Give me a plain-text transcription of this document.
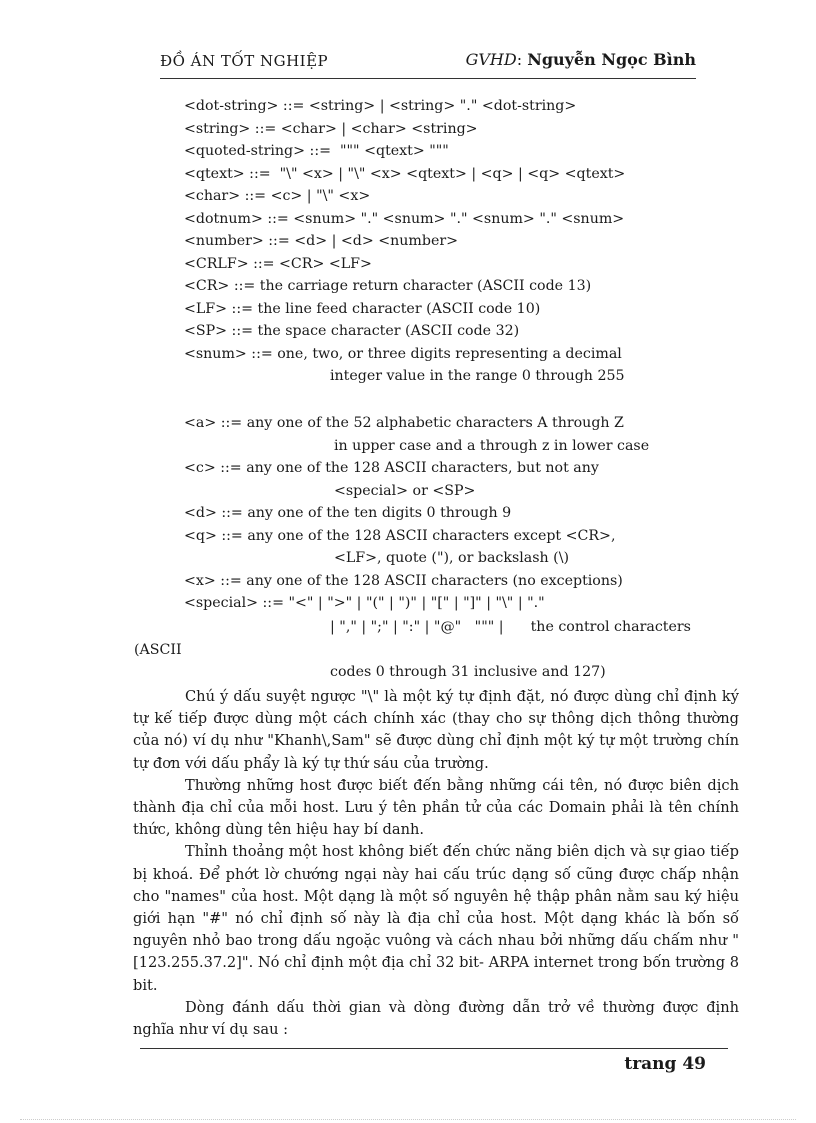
ĐỒ ÁN TỐT NGHIỆP	GVHD: Nguyễn Ngọc Bình
<dot-string> ::= <string> | <string> "." <dot-string>
<string> ::= <char> | <char> <string>
<quoted-string> ::=  """ <qtext> """
<qtext> ::=  "\" <x> | "\" <x> <qtext> | <q> | <q> <qtext>
<char> ::= <c> | "\" <x>
<dotnum> ::= <snum> "." <snum> "." <snum> "." <snum>
<number> ::= <d> | <d> <number>
<CRLF> ::= <CR> <LF>
<CR> ::= the carriage return character (ASCII code 13)
<LF> ::= the line feed character (ASCII code 10)
<SP> ::= the space character (ASCII code 32)
<snum> ::= one, two, or three digits representing a decimal
integer value in the range 0 through 255
<a> ::= any one of the 52 alphabetic characters A through Z
in upper case and a through z in lower case
<c> ::= any one of the 128 ASCII characters, but not any
<special> or <SP>
<d> ::= any one of the ten digits 0 through 9
<q> ::= any one of the 128 ASCII characters except <CR>,
<LF>, quote ("), or backslash (\)
<x> ::= any one of the 128 ASCII characters (no exceptions)
<special> ::= "<" | ">" | "(" | ")" | "[" | "]" | "\" | "."
| "," | ";" | ":" | "@"   """ |      the control characters
(ASCII
codes 0 through 31 inclusive and 127)

Chú ý dấu suyệt ngược "\" là một ký tự định đặt, nó được dùng chỉ định ký tự kế tiếp được dùng một cách chính xác (thay cho sự thông dịch thông thường của nó) ví dụ như "Khanh\,Sam" sẽ được dùng chỉ định một ký tự một trường chín tự đơn với dấu phẩy là ký tự thứ sáu của trường.

Thường những host được biết đến bằng những cái tên, nó được biên dịch thành địa chỉ của mỗi host. Lưu ý tên phần tử của các Domain phải là tên chính thức, không dùng tên hiệu hay bí danh.

Thỉnh thoảng một host không biết đến chức năng biên dịch và sự giao tiếp bị khoá. Để phớt lờ chướng ngại này hai cấu trúc dạng số cũng được chấp nhận cho "names" của host. Một dạng là một số nguyên hệ thập phân nằm sau ký hiệu giới hạn "#" nó chỉ định số này là địa chỉ của host. Một dạng khác là bốn số nguyên nhỏ bao trong dấu ngoặc vuông và cách nhau bởi những dấu chấm như "[123.255.37.2]". Nó chỉ định một địa chỉ 32 bit- ARPA internet trong bốn trường 8 bit.

Dòng đánh dấu thời gian và dòng đường dẫn trở về thường được định nghĩa như ví dụ sau :

trang 49
